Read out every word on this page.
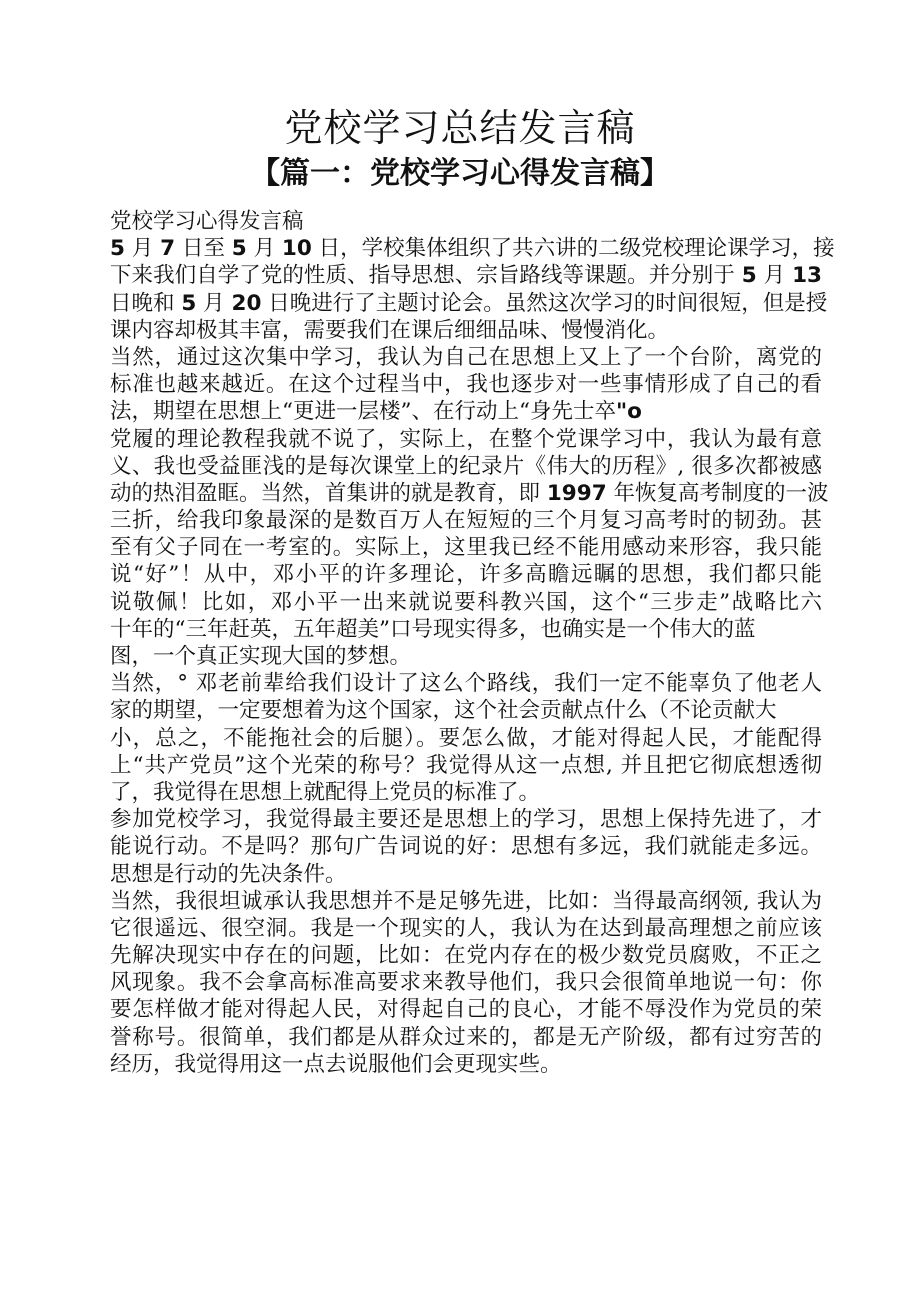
党校学习总结发言稿
【篇一：党校学习心得发言稿】
党校学习心得发言稿
5 月 7 日至 5 月 10 日，学校集体组织了共六讲的二级党校理论课学习，接
下来我们自学了党的性质、指导思想、宗旨路线等课题。并分别于 5 月 13
日晚和 5 月 20 日晚进行了主题讨论会。虽然这次学习的时间很短，但是授
课内容却极其丰富，需要我们在课后细细品味、慢慢消化。
当然，通过这次集中学习，我认为自己在思想上又上了一个台阶，离党的
标准也越来越近。在这个过程当中，我也逐步对一些事情形成了自己的看
法，期望在思想上“更进一层楼”、在行动上“身先士卒"o
党履的理论教程我就不说了，实际上，在整个党课学习中，我认为最有意
义、我也受益匪浅的是每次课堂上的纪录片《伟大的历程》, 很多次都被感
动的热泪盈眶。当然，首集讲的就是教育，即 1997 年恢复高考制度的一波
三折，给我印象最深的是数百万人在短短的三个月复习高考时的韧劲。甚
至有父子同在一考室的。实际上，这里我已经不能用感动来形容，我只能
说“好”！从中，邓小平的许多理论，许多高瞻远瞩的思想，我们都只能
说敬佩！比如，邓小平一出来就说要科教兴国，这个“三步走”战略比六
十年的“三年赶英，五年超美”口号现实得多，也确实是一个伟大的蓝
图，一个真正实现大国的梦想。
当然，° 邓老前辈给我们设计了这么个路线，我们一定不能辜负了他老人
家的期望，一定要想着为这个国家，这个社会贡献点什么（不论贡献大
小，总之，不能拖社会的后腿）。要怎么做，才能对得起人民，才能配得
上“共产党员”这个光荣的称号？我觉得从这一点想, 并且把它彻底想透彻
了，我觉得在思想上就配得上党员的标准了。
参加党校学习，我觉得最主要还是思想上的学习，思想上保持先进了，才
能说行动。不是吗？那句广告词说的好：思想有多远，我们就能走多远。
思想是行动的先决条件。
当然，我很坦诚承认我思想并不是足够先进，比如：当得最高纲领, 我认为
它很遥远、很空洞。我是一个现实的人，我认为在达到最高理想之前应该
先解决现实中存在的问题，比如：在党内存在的极少数党员腐败，不正之
风现象。我不会拿高标准高要求来教导他们，我只会很简单地说一句：你
要怎样做才能对得起人民，对得起自己的良心，才能不辱没作为党员的荣
誉称号。很简单，我们都是从群众过来的，都是无产阶级，都有过穷苦的
经历，我觉得用这一点去说服他们会更现实些。
